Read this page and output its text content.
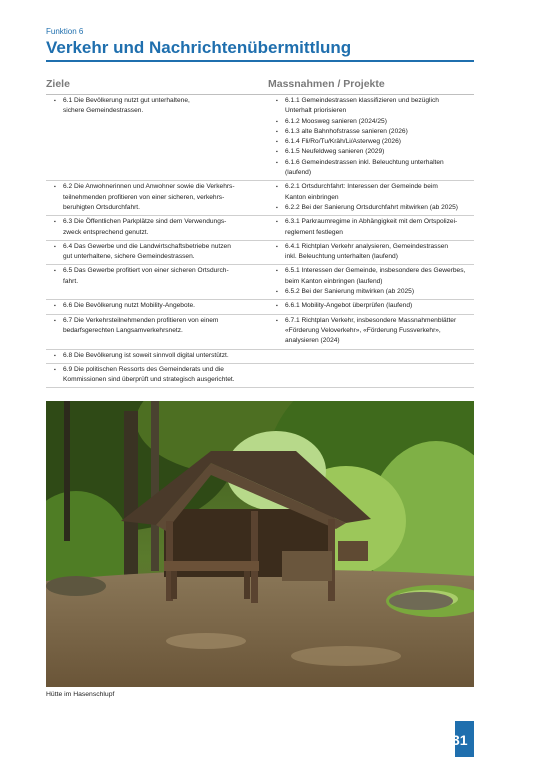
Funktion 6
Verkehr und Nachrichtenübermittlung
Ziele	Massnahmen / Projekte
▪ 6.1 Die Bevölkerung nutzt gut unterhaltene,
sichere Gemeindestrassen.
▪ 6.1.1 Gemeindestrassen klassifizieren und bezüglich
Unterhalt priorisieren
▪ 6.1.2 Moosweg sanieren (2024/25)
▪ 6.1.3 alte Bahnhofstrasse sanieren (2026)
▪ 6.1.4 Fli/Ro/Tu/Kräh/Li/Asterweg (2026)
▪ 6.1.5 Neufeldweg sanieren (2029)
▪ 6.1.6 Gemeindestrassen inkl. Beleuchtung unterhalten
(laufend)
▪ 6.2 Die Anwohnerinnen und Anwohner sowie die Verkehrs-
teilnehmenden profitieren von einer sicheren, verkehrs-
beruhigten Ortsdurchfahrt.
▪ 6.2.1 Ortsdurchfahrt: Interessen der Gemeinde beim
Kanton einbringen
▪ 6.2.2 Bei der Sanierung Ortsdurchfahrt mitwirken (ab 2025)
▪ 6.3 Die Öffentlichen Parkplätze sind dem Verwendungs-
zweck entsprechend genutzt.
▪ 6.3.1 Parkraumregime in Abhängigkeit mit dem Ortspolizei-
reglement festlegen
▪ 6.4 Das Gewerbe und die Landwirtschaftsbetriebe nutzen
gut unterhaltene, sichere Gemeindestrassen.
▪ 6.4.1 Richtplan Verkehr analysieren, Gemeindestrassen
inkl. Beleuchtung unterhalten (laufend)
▪ 6.5 Das Gewerbe profitiert von einer sicheren Ortsdurch-
fahrt.
▪ 6.5.1 Interessen der Gemeinde, insbesondere des Gewerbes,
beim Kanton einbringen (laufend)
▪ 6.5.2 Bei der Sanierung mitwirken (ab 2025)
▪ 6.6 Die Bevölkerung nutzt Mobility-Angebote.
▪	6.6.1 Mobility-Angebot überprüfen (laufend)
▪ 6.7 Die Verkehrsteilnehmenden profitieren von einem
bedarfsgerechten Langsamverkehrsnetz.
▪ 6.7.1 Richtplan Verkehr, insbesondere Massnahmenblätter
«Förderung Veloverkehr», «Förderung Fussverkehr»,
analysieren (2024)
▪ 6.8 Die Bevölkerung ist soweit sinnvoll digital unterstützt.
▪ 6.9 Die politischen Ressorts des Gemeinderats und die
Kommissionen sind überprüft und strategisch ausgerichtet.
Hütte im Hasenschlupf
31
